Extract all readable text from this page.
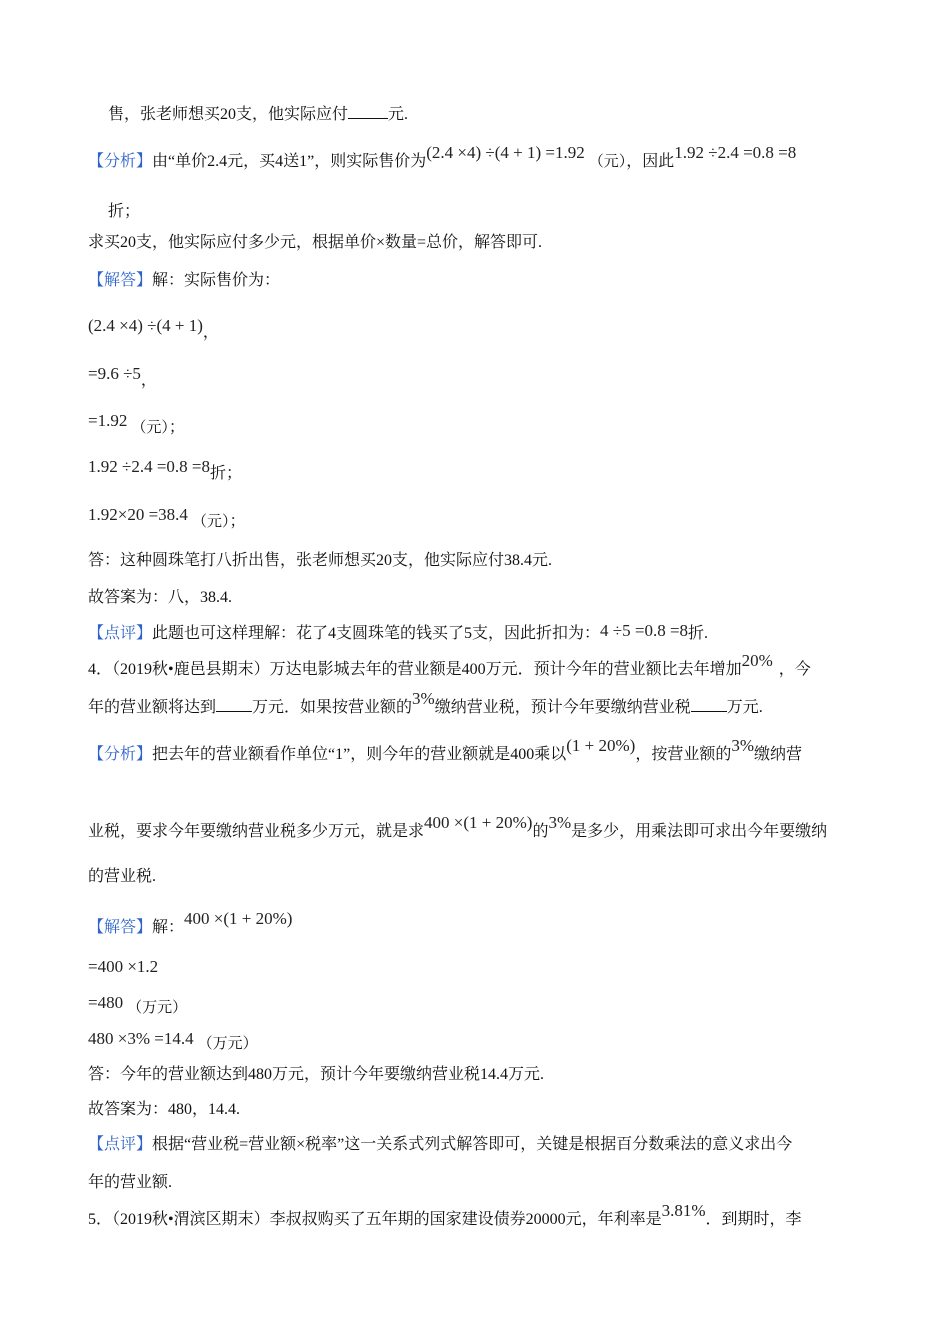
售，张老师想买20支，他实际应付	元.
【分析】由“单价2.4元，买4送1”，则实际售价为(2.4 ×4) ÷(4 + 1) =1.92 （元），因此1.92 ÷2.4 =0.8 =8
折；
求买20支，他实际应付多少元，根据单价×数量=总价，解答即可.
【解答】解：实际售价为：
(2.4 ×4) ÷(4 + 1)，
=9.6 ÷5，
=1.92 （元）；
1.92 ÷2.4 =0.8 =8折；
1.92×20 =38.4 （元）；
答：这种圆珠笔打八折出售，张老师想买20支，他实际应付38.4元.
故答案为：八，38.4.
【点评】此题也可这样理解：花了4支圆珠笔的钱买了5支，因此折扣为：4 ÷5 =0.8 =8折.
4．（2019秋•鹿邑县期末）万达电影城去年的营业额是400万元．预计今年的营业额比去年增加20% ，今
年的营业额将达到 万元．如果按营业额的3%缴纳营业税，预计今年要缴纳营业税 万元.
【分析】把去年的营业额看作单位“1”，则今年的营业额就是400乘以(1 + 20%)，按营业额的3%缴纳营
业税，要求今年要缴纳营业税多少万元，就是求400 ×(1 + 20%)的3%是多少，用乘法即可求出今年要缴纳
的营业税.
【解答】解：400 ×(1 + 20%)
=400 ×1.2
=480 （万元）
480 ×3% =14.4 （万元）
答：今年的营业额达到480万元，预计今年要缴纳营业税14.4万元.
故答案为：480，14.4.
【点评】根据“营业税=营业额×税率”这一关系式列式解答即可，关键是根据百分数乘法的意义求出今
年的营业额.
5．（2019秋•渭滨区期末）李叔叔购买了五年期的国家建设债券20000元，年利率是3.81%．到期时，李
